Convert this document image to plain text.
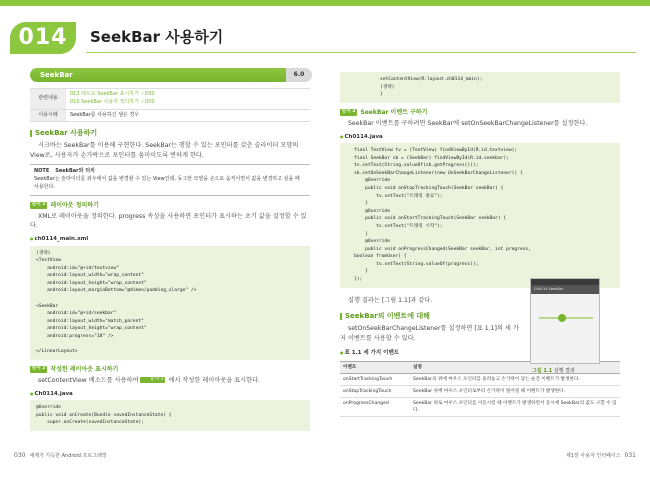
014	SeekBar 사용하기
SeekBar	6.0
관련내용	013 레트로 SeekBar 표시하기 ☞030
010 SeekBar 사용자 정의하기 ☞050

이용시례	SeekBar를 사용하신 셈은 경우
SeekBar 사용하기
시크바는 SeekBar를 이용해 구현한다. SeekBar는 행할 수 있는 포인터를 갖춘 슬라이더 모양의 View로, 사용자가 손가락으로 포인터를 움미이도록 변하게 한다.
NOTE SeekBar와 터치
SeekBar는 슬라이더를 좌우에서 값을 변경할 수 있는 View인데, 동그란 모양을 손으로 움직이면서 값을 변경하고 싶을 때 사용한다.
순서 1 레이아웃 정의하기
XML로 레이아웃을 정의한다. progress 속성을 사용하면 포인터가 표시하는 초기 값을 설정할 수 있다.
● ch0114_main.xml
(생략)
<TextView
android:id="@+id/textview"
android:layout_width="wrap_content"
android:layout_height="wrap_content"
android:layout_marginBottom="@dimen/padding_xlarge" />

<SeekBar
android:id="@+id/seekbar"
android:layout_width="match_parent"
android:layout_height="wrap_content"
android:progress="10" />

</LinearLayout>
순서 2 작성한 레이아웃 표시하기
setContentView 메소드를 사용하여	순서 1 에서 작성한 레이아웃을 표시한다.
● Ch0114.java
@Override
public void onCreate(Bundle savedInstanceState) {
super.onCreate(savedInstanceState);
setContentView(R.layout.ch0114_main);
(생략)
}
순서 3 SeekBar 이벤트 구하기
SeekBar 이벤트를 구하려면 SeekBar에 setOnSeekBarChangeListener를 설정한다.
● Ch0114.java
final TextView tv = (TextView) findViewById(R.id.textview);
final SeekBar sb = (SeekBar) findViewById(R.id.seekbar);
tv.setText(String.valueOf(sb.getProgress()));
sb.setOnSeekBarChangeListener(new OnSeekBarChangeListener() {
@Override
public void onStopTrackingTouch(SeekBar seekBar) {
tv.setText("트래킹 종료");
}
@Override
public void onStartTrackingTouch(SeekBar seekBar) {
tv.setText("트래킹 시작");
}
@Override
public void onProgressChanged(SeekBar seekBar, int progress,
boolean fromUser) {
tv.setText(String.valueOf(progress));
}
});
실행 결과는 [그림 1.1]과 같다.
SeekBar의 이벤트에 대해
setOnSeekBarChangeListener를 설정하면 [표 1.1]의 세 가지 이벤트를 사용할 수 있다.
● 표 1.1 세 가지 이벤트
이벤트	설명
onStartTrackingTouch	SeekBar의 위에 마우스 포인터를 올려놓고 손가락이 닿는 순간 이벤트가 발생한다.
onStopTrackingTouch	SeekBar 위에 마우스 포인터로부터 손가락이 떨어질 때 이벤트가 발생한다.
onProgressChanged	SeekBar 위로 마우스 포인터를 이동시킬 때 이벤트가 발생하면서 동시에 SeekBar의 값도 구할 수 있다.
Ch0114 SeekBar
그림 1.1 실행 결과
030 예제가 가득한 Android 프로그래밍	제1장 사용자 인터페이스 031
